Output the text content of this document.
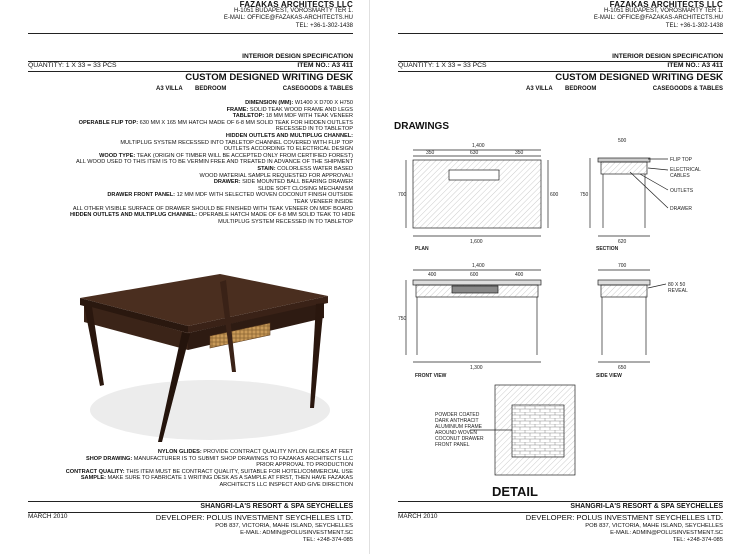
FAZAKAS ARCHITECTS LLC
H-1051 BUDAPEST, VÖRÖSMARTY TÉR 1.
E-MAIL: OFFICE@FAZAKAS-ARCHITECTS.HU
TEL: +36-1-302-1438
INTERIOR DESIGN SPECIFICATION
QUANTITY: 1 X 33 = 33 PCS	ITEM NO.: A3 411
CUSTOM DESIGNED WRITING DESK
A3 VILLA BEDROOM	CASEGOODS & TABLES
DIMENSION (MM): W1400 X D700 X H750
FRAME: SOLID TEAK WOOD FRAME AND LEGS
TABLETOP: 18 MM MDF WITH TEAK VENEER
OPERABLE FLIP TOP: 630 MM X 165 MM HATCH MADE OF 6-8 MM SOLID TEAK FOR HIDDEN OUTLETS
RECESSED IN TO TABLETOP
HIDDEN OUTLETS AND MULTIPLUG CHANNEL:
MULTIPLUG SYSTEM RECESSED INTO TABLETOP CHANNEL COVERED WITH FLIP TOP
OUTLETS ACCORDING TO ELECTRICAL DESIGN
WOOD TYPE: TEAK (ORIGIN OF TIMBER WILL BE ACCEPTED ONLY FROM CERTIFIED FOREST)
ALL WOOD USED TO THIS ITEM IS TO BE VERMIN FREE AND TREATED IN ADVANCE OF THE SHIPMENT
STAIN: COLORLESS WATER BASED
WOOD MATERIAL SAMPLE REQUESTED FOR APPROVAL!
DRAWER: SIDE MOUNTED BALL BEARING DRAWER
SLIDE SOFT CLOSING MECHANISM
DRAWER FRONT PANEL: 12 MM MDF WITH SELECTED WOVEN COCONUT FINISH OUTSIDE
TEAK VENEER INSIDE
ALL OTHER VISIBLE SURFACE OF DRAWER SHOULD BE FINISHED WITH TEAK VENEER ON MDF BOARD
HIDDEN OUTLETS AND MULTIPLUG CHANNEL: OPERABLE HATCH MADE OF 6-8 MM SOLID TEAK TO HIDE
MULTIPLUG SYSTEM RECESSED IN TO TABLETOP
NYLON GLIDES: PROVIDE CONTRACT QUALITY NYLON GLIDES AT FEET
SHOP DRAWING: MANUFACTURER IS TO SUBMIT SHOP DRAWINGS TO FAZAKAS ARCHITECTS LLC
PRIOR APPROVAL TO PRODUCTION
CONTRACT QUALITY: THIS ITEM MUST BE CONTRACT QUALITY, SUITABLE FOR HOTEL/COMMERCIAL USE
SAMPLE: MAKE SURE TO FABRICATE 1 WRITING DESK AS A SAMPLE AT FIRST, THEN HAVE FAZAKAS
ARCHITECTS LLC INSPECT AND GIVE DIRECTION
SHANGRI-LA'S RESORT & SPA SEYCHELLES
MARCH 2010	DEVELOPER: POLUS INVESTMENT SEYCHELLES LTD.
POB 837, VICTORIA, MAHE ISLAND, SEYCHELLES
E-MAIL: ADMIN@POLUSINVESTMENT.SC
TEL: +248-374-085
FAZAKAS ARCHITECTS LLC
H-1051 BUDAPEST, VÖRÖSMARTY TÉR 1.
E-MAIL: OFFICE@FAZAKAS-ARCHITECTS.HU
TEL: +36-1-302-1438
INTERIOR DESIGN SPECIFICATION
QUANTITY: 1 X 33 = 33 PCS	ITEM NO.: A3 411
CUSTOM DESIGNED WRITING DESK
A3 VILLA BEDROOM	CASEGOODS & TABLES
DRAWINGS
1,400
350	630	350
700	600
1,600
PLAN
500
750
620
FLIP TOP
ELECTRICAL
CABLES
OUTLETS
DRAWER
SECTION
1,400
400	600	400
750
1,300
FRONT VIEW
700
80 X 50
REVEAL
650
SIDE VIEW
POWDER COATED
DARK ANTHRACIT
ALUMINIUM FRAME
AROUND WOVEN
COCONUT DRAWER
FRONT PANEL
DETAIL
SHANGRI-LA'S RESORT & SPA SEYCHELLES
MARCH 2010	DEVELOPER: POLUS INVESTMENT SEYCHELLES LTD.
POB 837, VICTORIA, MAHE ISLAND, SEYCHELLES
E-MAIL: ADMIN@POLUSINVESTMENT.SC
TEL: +248-374-085
